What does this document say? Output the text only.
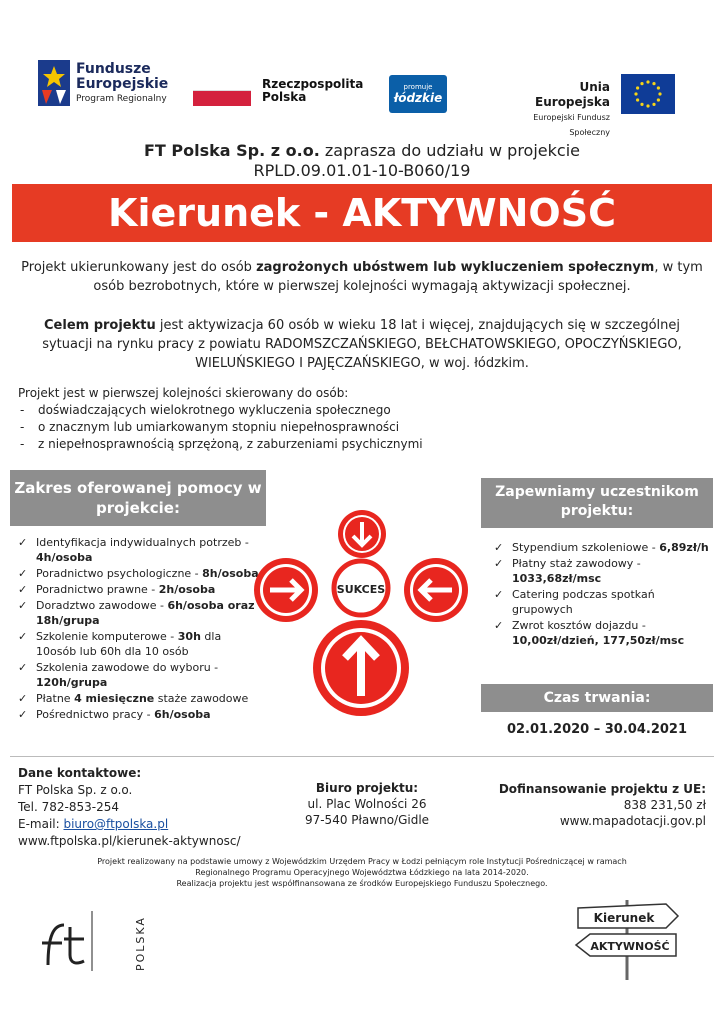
Fundusze
Europejskie
Program Regionalny
Rzeczpospolita
Polska
promuje
łódzkie
Unia Europejska
Europejski Fundusz Społeczny
FT Polska Sp. z o.o. zaprasza do udziału w projekcie
RPLD.09.01.01-10-B060/19
Kierunek - AKTYWNOŚĆ
Projekt ukierunkowany jest do osób zagrożonych ubóstwem lub wykluczeniem społecznym, w tym osób bezrobotnych, które w pierwszej kolejności wymagają aktywizacji społecznej.
Celem projektu jest aktywizacja 60 osób w wieku 18 lat i więcej, znajdujących się w szczególnej sytuacji na rynku pracy z powiatu RADOMSZCZAŃSKIEGO, BEŁCHATOWSKIEGO, OPOCZYŃSKIEGO, WIELUŃSKIEGO I PAJĘCZAŃSKIEGO, w woj. łódzkim.
Projekt jest w pierwszej kolejności skierowany do osób:
- doświadczających wielokrotnego wykluczenia społecznego
- o znacznym lub umiarkowanym stopniu niepełnosprawności
- z niepełnosprawnością sprzężoną, z zaburzeniami psychicznymi
Zakres oferowanej pomocy w projekcie:
✓ Identyfikacja indywidualnych potrzeb - 4h/osoba
✓ Poradnictwo psychologiczne - 8h/osoba
✓ Poradnictwo prawne - 2h/osoba
✓ Doradztwo zawodowe - 6h/osoba oraz 18h/grupa
✓ Szkolenie komputerowe - 30h dla 10osób lub 60h dla 10 osób
✓ Szkolenia zawodowe do wyboru - 120h/grupa
✓ Płatne 4 miesięczne staże zawodowe
✓ Pośrednictwo pracy - 6h/osoba
SUKCES
Zapewniamy uczestnikom projektu:
✓ Stypendium szkoleniowe - 6,89zł/h
✓ Płatny staż zawodowy - 1033,68zł/msc
✓ Catering podczas spotkań grupowych
✓ Zwrot kosztów dojazdu - 10,00zł/dzień, 177,50zł/msc
Czas trwania:
02.01.2020 – 30.04.2021
Dane kontaktowe:
FT Polska Sp. z o.o.
Tel. 782-853-254
E-mail: biuro@ftpolska.pl
www.ftpolska.pl/kierunek-aktywnosc/
Biuro projektu:
ul. Plac Wolności 26
97-540 Pławno/Gidle
Dofinansowanie projektu z UE:
838 231,50 zł
www.mapadotacji.gov.pl
Projekt realizowany na podstawie umowy z Wojewódzkim Urzędem Pracy w Łodzi pełniącym role Instytucji Pośredniczącej w ramach
Regionalnego Programu Operacyjnego Województwa Łódzkiego na lata 2014-2020.
Realizacja projektu jest współfinansowana ze środków Europejskiego Funduszu Społecznego.
POLSKA	Kierunek
AKTYWNOŚĆ
